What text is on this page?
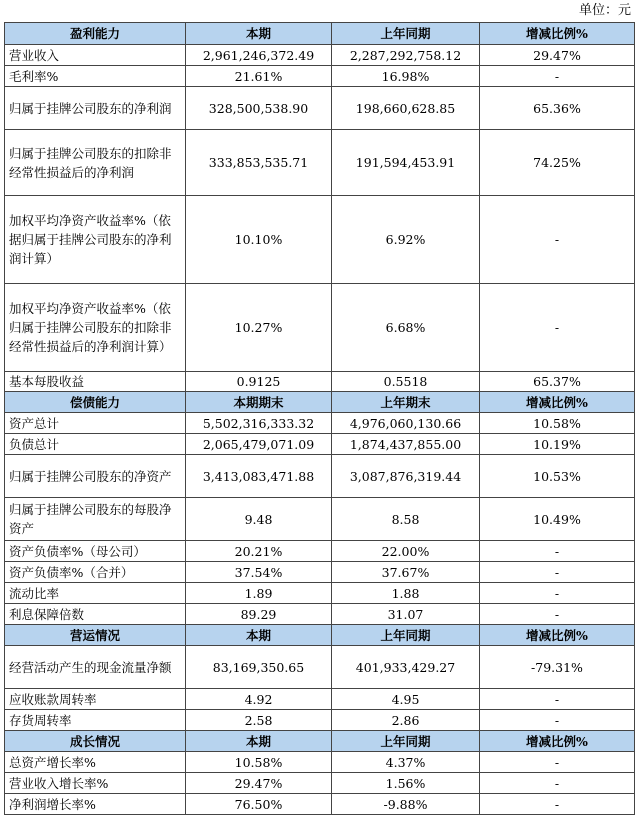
单位：元
盈利能力	本期	上年同期	增减比例%
营业收入	2,961,246,372.49	2,287,292,758.12	29.47%
毛利率%	21.61%	16.98%	-
归属于挂牌公司股东的净利润	328,500,538.90	198,660,628.85	65.36%
归属于挂牌公司股东的扣除非经常性损益后的净利润	333,853,535.71	191,594,453.91	74.25%
加权平均净资产收益率%（依据归属于挂牌公司股东的净利润计算）	10.10%	6.92%	-
加权平均净资产收益率%（依归属于挂牌公司股东的扣除非经常性损益后的净利润计算）	10.27%	6.68%	-
基本每股收益	0.9125	0.5518	65.37%
偿债能力	本期期末	上年期末	增减比例%
资产总计	5,502,316,333.32	4,976,060,130.66	10.58%
负债总计	2,065,479,071.09	1,874,437,855.00	10.19%
归属于挂牌公司股东的净资产	3,413,083,471.88	3,087,876,319.44	10.53%
归属于挂牌公司股东的每股净资产	9.48	8.58	10.49%
资产负债率%（母公司）	20.21%	22.00%	-
资产负债率%（合并）	37.54%	37.67%	-
流动比率	1.89	1.88	-
利息保障倍数	89.29	31.07	-
营运情况	本期	上年同期	增减比例%
经营活动产生的现金流量净额	83,169,350.65	401,933,429.27	-79.31%
应收账款周转率	4.92	4.95	-
存货周转率	2.58	2.86	-
成长情况	本期	上年同期	增减比例%
总资产增长率%	10.58%	4.37%	-
营业收入增长率%	29.47%	1.56%	-
净利润增长率%	76.50%	-9.88%	-
